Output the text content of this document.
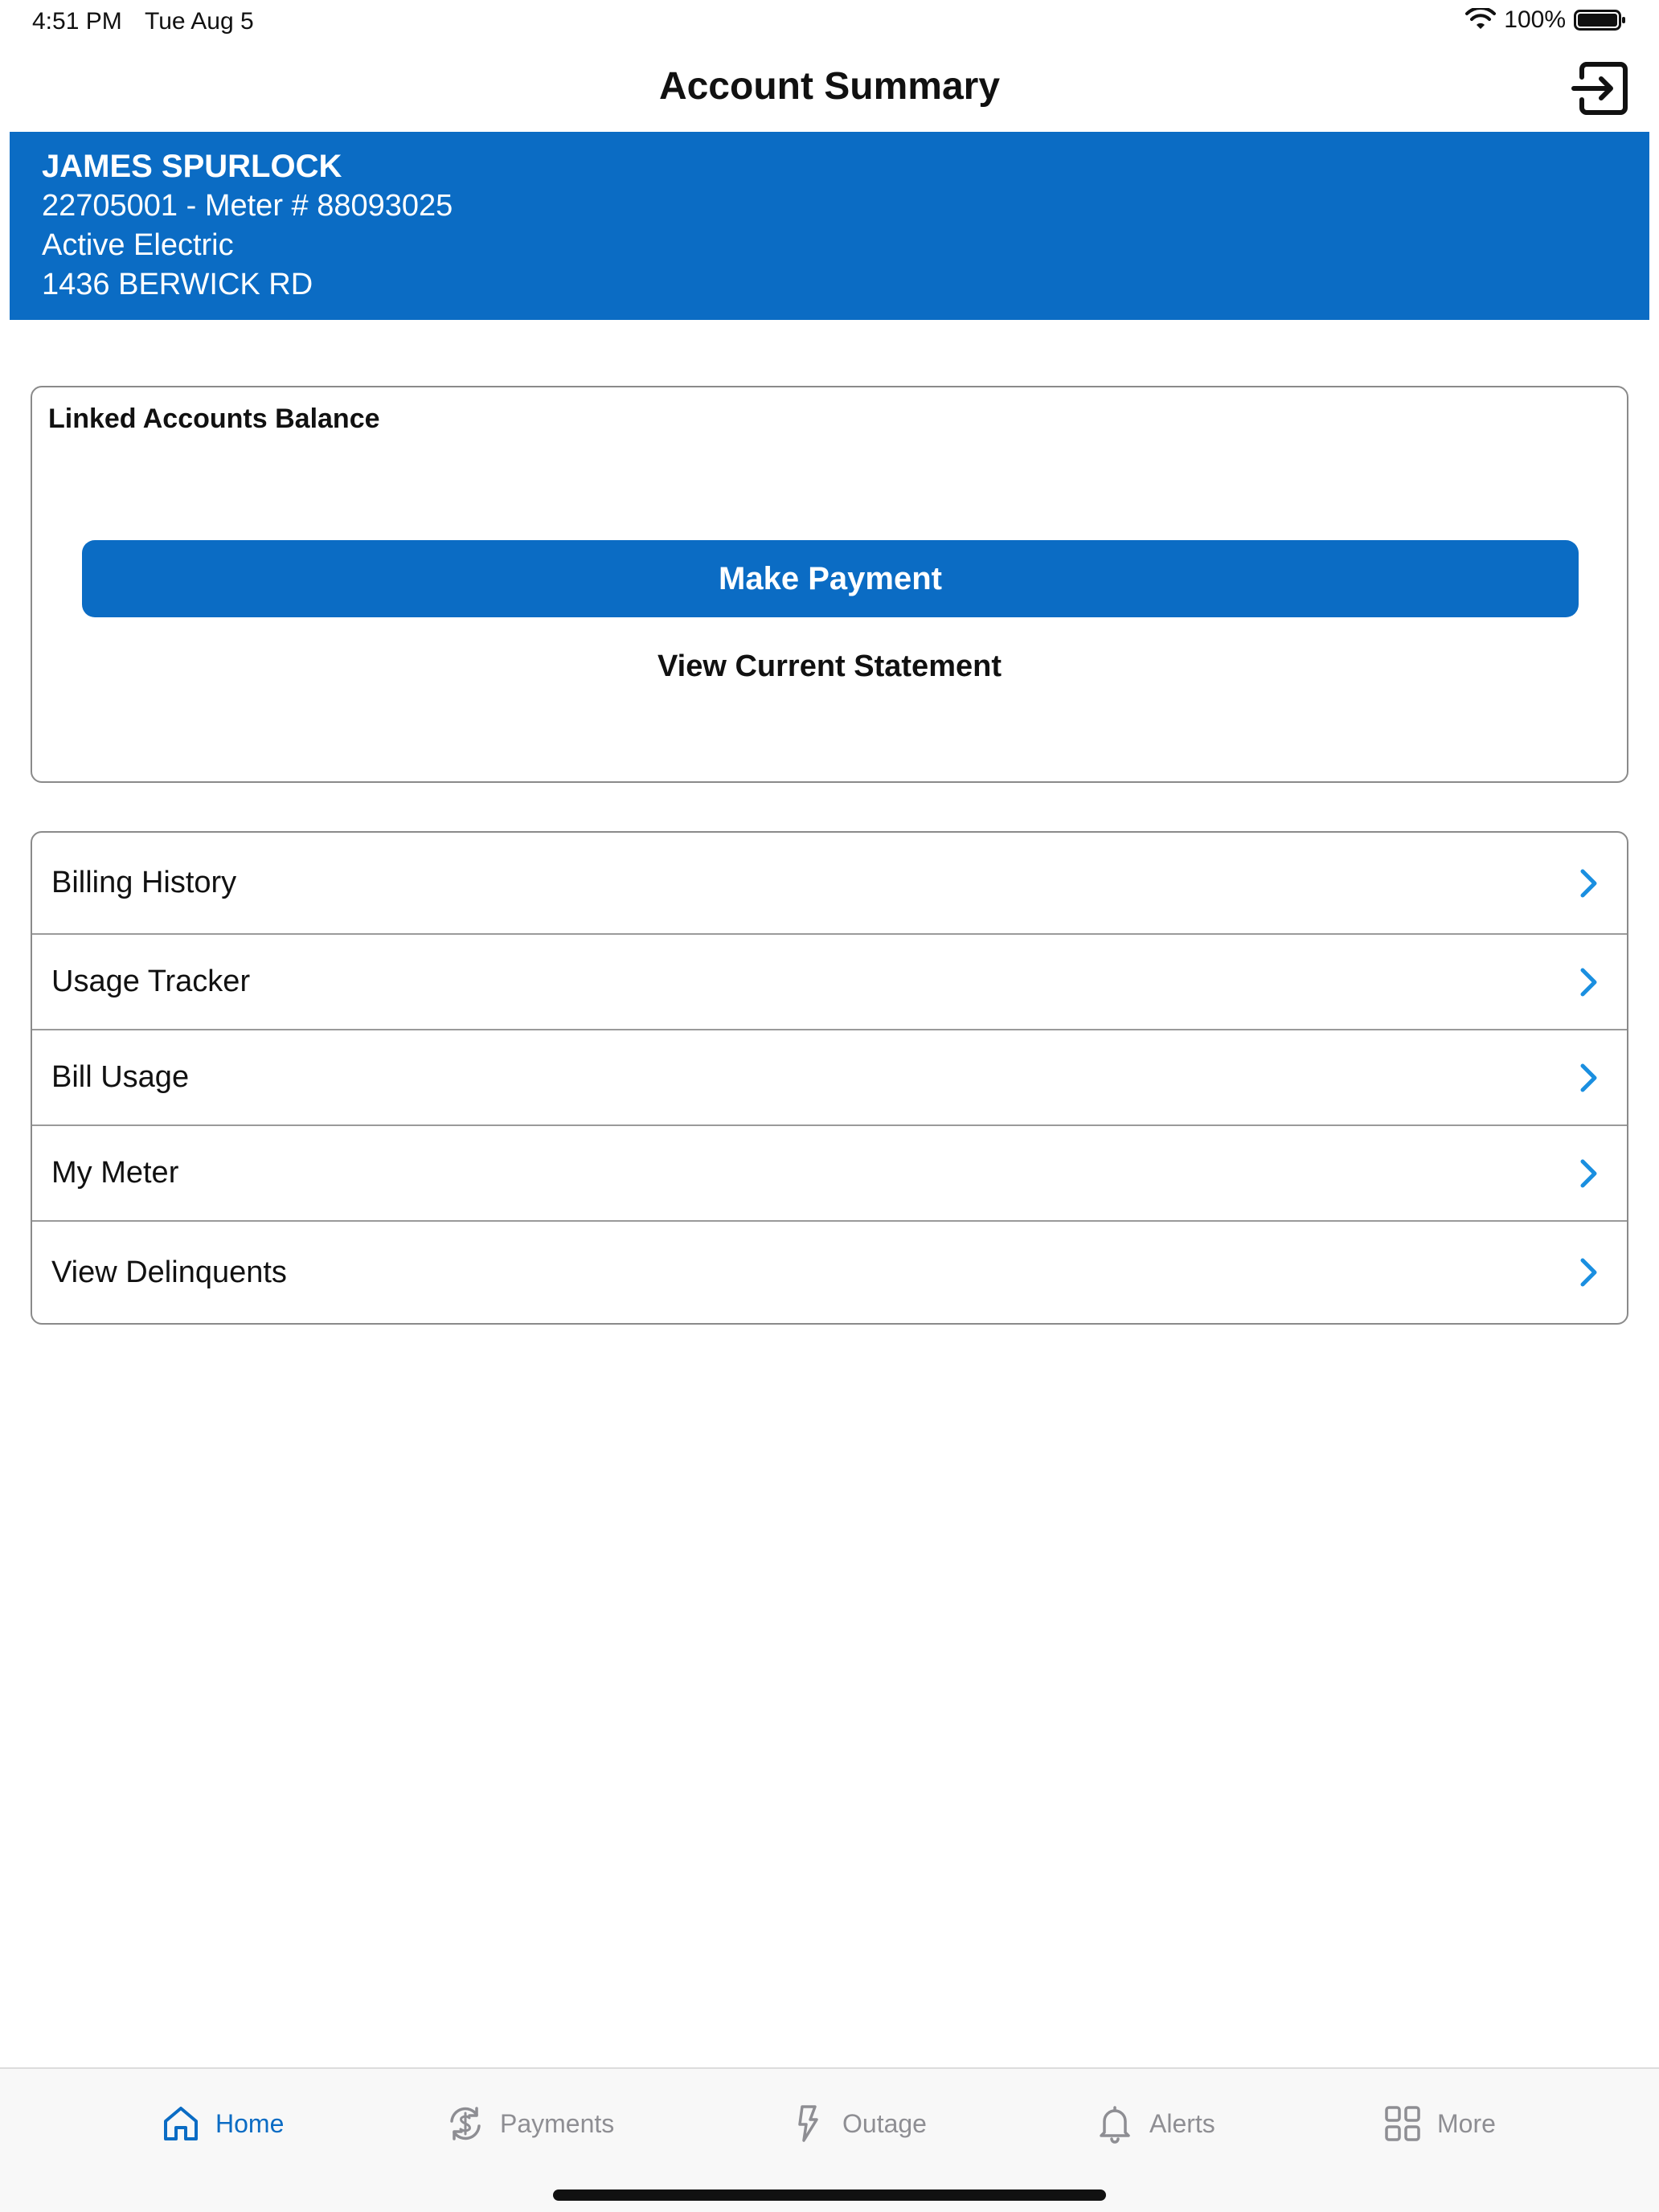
4:51 PM Tue Aug 5	100%
Account Summary
JAMES SPURLOCK
22705001 - Meter # 88093025
Active Electric
1436 BERWICK RD
Linked Accounts Balance
Make Payment
View Current Statement
Billing History
Usage Tracker
Bill Usage
My Meter
View Delinquents
Home	Payments	Outage	Alerts	More
